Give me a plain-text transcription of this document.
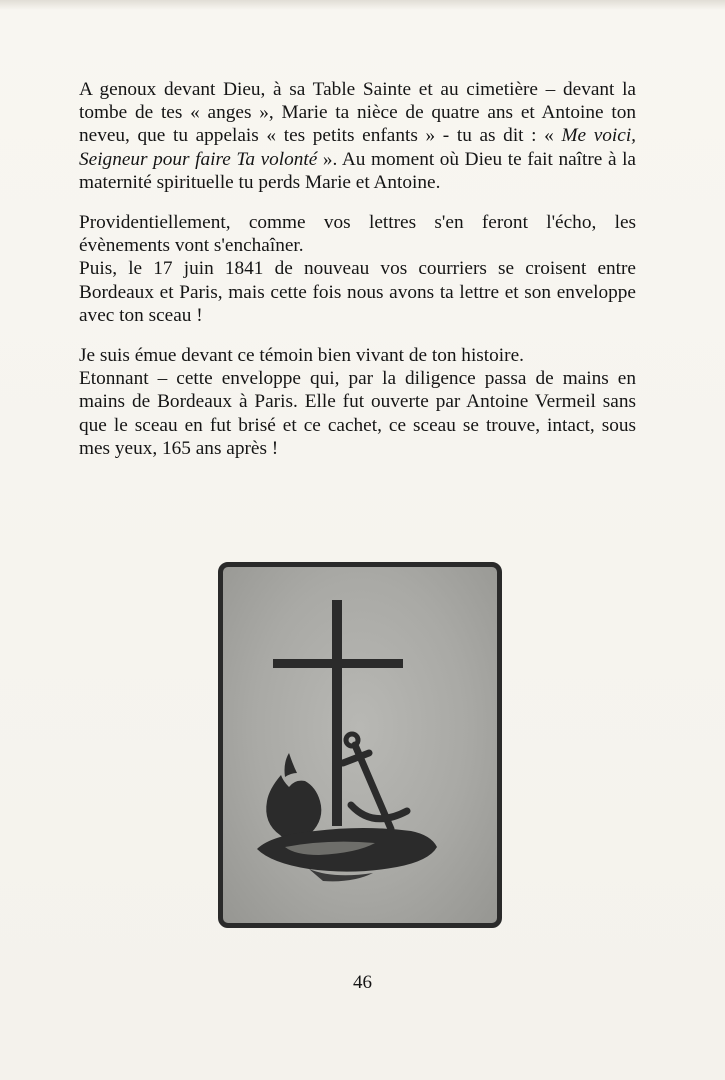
A genoux devant Dieu, à sa Table Sainte et au cimetière – devant la tombe de tes « anges », Marie ta nièce de quatre ans et Antoine ton neveu, que tu appelais « tes petits enfants » - tu as dit : « Me voici, Seigneur pour faire Ta volonté ». Au moment où Dieu te fait naître à la maternité spirituelle tu perds Marie et Antoine.

Providentiellement, comme vos lettres s'en feront l'écho, les évènements vont s'enchaîner.

Puis, le 17 juin 1841 de nouveau vos courriers se croisent entre Bordeaux et Paris, mais cette fois nous avons ta lettre et son enveloppe avec ton sceau !

Je suis émue devant ce témoin bien vivant de ton histoire.

Etonnant – cette enveloppe qui, par la diligence passa de mains en mains de Bordeaux à Paris. Elle fut ouverte par Antoine Vermeil sans que le sceau en fut brisé et ce cachet, ce sceau se trouve, intact, sous mes yeux, 165 ans après !

46
